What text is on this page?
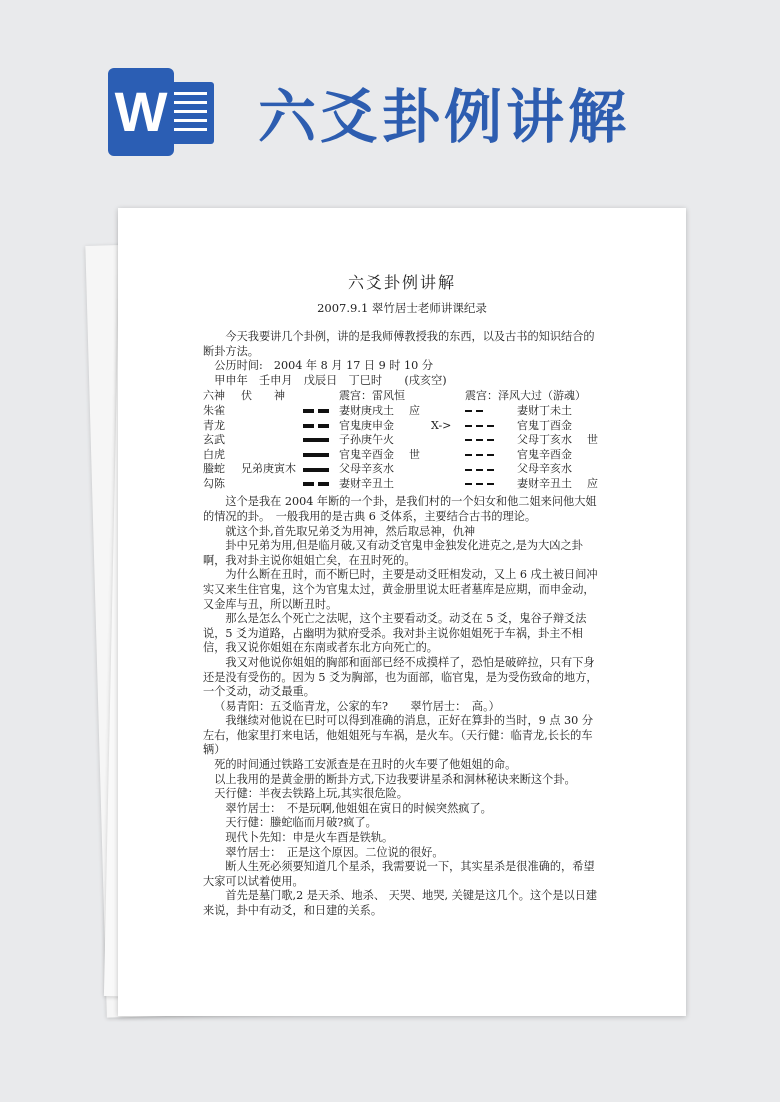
W 六爻卦例讲解
六爻卦例讲解
2007.9.1 翠竹居士老师讲课纪录

今天我要讲几个卦例，讲的是我师傅教授我的东西，以及古书的知识结合的断卦方法。

公历时间:　2004 年 8 月 17 日 9 时 10 分

甲申年　壬申月　戊辰日　丁巳时　　(戌亥空)

六神
朱雀
青龙
玄武
白虎
螣蛇
勾陈
伏　　神
兄弟庚寅木
震宫：雷风恒
妻财庚戌土
官鬼庚申金
子孙庚午火
官鬼辛酉金
父母辛亥水
妻财辛丑土
应
世
X->
震宫：泽风大过（游魂）
妻财丁未土
官鬼丁酉金
父母丁亥水
官鬼辛酉金
父母辛亥水
妻财辛丑土
世
应

这个是我在 2004 年断的一个卦，是我们村的一个妇女和他二姐来问他大姐的情况的卦。　一般我用的是古典 6 爻体系，主要结合古书的理论。

就这个卦,首先取兄弟爻为用神，然后取忌神，仇神

卦中兄弟为用,但是临月破,又有动爻官鬼申金独发化进克之,是为大凶之卦啊，我对卦主说你姐姐亡矣，在丑时死的。

为什么断在丑时，而不断巳时，主要是动爻旺相发动，又上 6 戌土被日间冲实又来生住官鬼，这个为官鬼太过，黄金册里说太旺者墓库是应期，而申金动，又金库与丑，所以断丑时。

那么是怎么个死亡之法呢，这个主要看动爻。动爻在 5 爻，鬼谷子辩爻法说，5 爻为道路，占幽明为狱府受杀。我对卦主说你姐姐死于车祸，卦主不相信，我又说你姐姐在东南或者东北方向死亡的。

我又对他说你姐姐的胸部和面部已经不成摸样了，恐怕是破碎拉，只有下身还是没有受伤的。因为 5 爻为胸部，也为面部，临官鬼，是为受伤致命的地方，一个爻动，动爻最重。

（易青阳：五爻临青龙，公家的车?　　翠竹居士：　高。）

我继续对他说在巳时可以得到准确的消息，正好在算卦的当时，9 点 30 分左右，他家里打来电话，他姐姐死与车祸，是火车。（天行健：临青龙,长长的车辆）

死的时间通过铁路工安派查是在丑时的火车要了他姐姐的命。

以上我用的是黄金册的断卦方式,下边我要讲星杀和洞林秘诀来断这个卦。

天行健：半夜去铁路上玩,其实很危险。

翠竹居士：　不是玩啊,他姐姐在寅日的时候突然疯了。

天行健：螣蛇临而月破?疯了。

现代卜先知：申是火车酉是铁轨。

翠竹居士：　正是这个原因。二位说的很好。

断人生死必须要知道几个星杀，我需要说一下，其实星杀是很准确的，希望大家可以试着使用。

首先是墓门歌,2 是天杀、地杀、 天哭、地哭, 关键是这几个。这个是以日建来说，卦中有动爻，和日建的关系。
